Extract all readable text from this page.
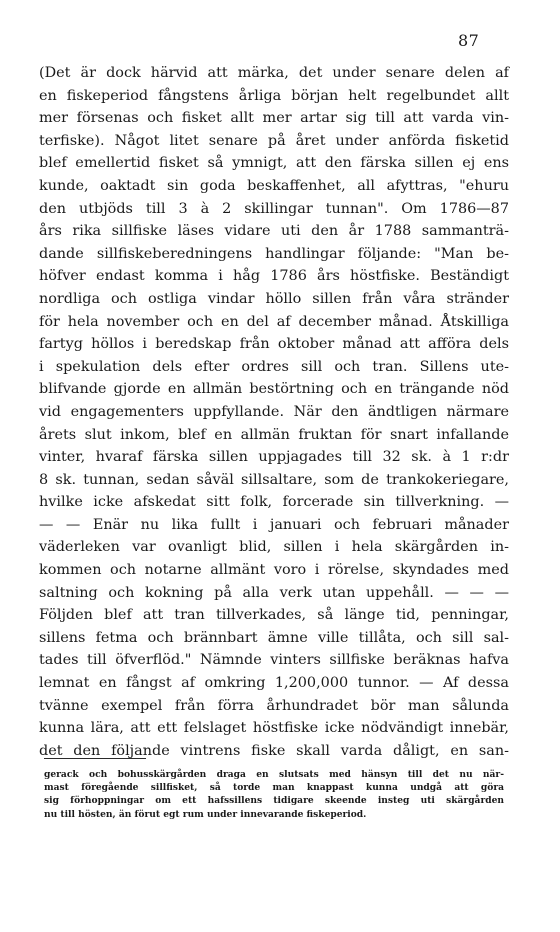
87
(Det är dock härvid att märka, det under senare delen af
en fiskeperiod fångstens årliga början helt regelbundet allt
mer försenas och fisket allt mer artar sig till att varda vin-
terfiske). Något litet senare på året under anförda fisketid
blef emellertid fisket så ymnigt, att den färska sillen ej ens
kunde, oaktadt sin goda beskaffenhet, all afyttras, "ehuru
den utbjöds till 3 à 2 skillingar tunnan". Om 1786—87
års rika sillfiske läses vidare uti den år 1788 sammanträ-
dande sillfiskeberedningens handlingar följande: "Man be-
höfver endast komma i håg 1786 års höstfiske. Beständigt
nordliga och ostliga vindar höllo sillen från våra stränder
för hela november och en del af december månad. Åtskilliga
fartyg höllos i beredskap från oktober månad att afföra dels
i spekulation dels efter ordres sill och tran. Sillens ute-
blifvande gjorde en allmän bestörtning och en trängande nöd
vid engagementers uppfyllande. När den ändtligen närmare
årets slut inkom, blef en allmän fruktan för snart infallande
vinter, hvaraf färska sillen uppjagades till 32 sk. à 1 r:dr
8 sk. tunnan, sedan såväl sillsaltare, som de trankokeriegare,
hvilke icke afskedat sitt folk, forcerade sin tillverkning. —
— — Enär nu lika fullt i januari och februari månader
väderleken var ovanligt blid, sillen i hela skärgården in-
kommen och notarne allmänt voro i rörelse, skyndades med
saltning och kokning på alla verk utan uppehåll. — — —
Följden blef att tran tillverkades, så länge tid, penningar,
sillens fetma och brännbart ämne ville tillåta, och sill sal-
tades till öfverflöd." Nämnde vinters sillfiske beräknas hafva
lemnat en fångst af omkring 1,200,000 tunnor. — Af dessa
tvänne exempel från förra århundradet bör man sålunda
kunna lära, att ett felslaget höstfiske icke nödvändigt innebär,
det den följande vintrens fiske skall varda dåligt, en san-
gerack och bohusskärgården draga en slutsats med hänsyn till det nu när-
mast föregående sillfisket, så torde man knappast kunna undgå att göra
sig förhoppningar om ett hafssillens tidigare skeende insteg uti skärgården
nu till hösten, än förut egt rum under innevarande fiskeperiod.
